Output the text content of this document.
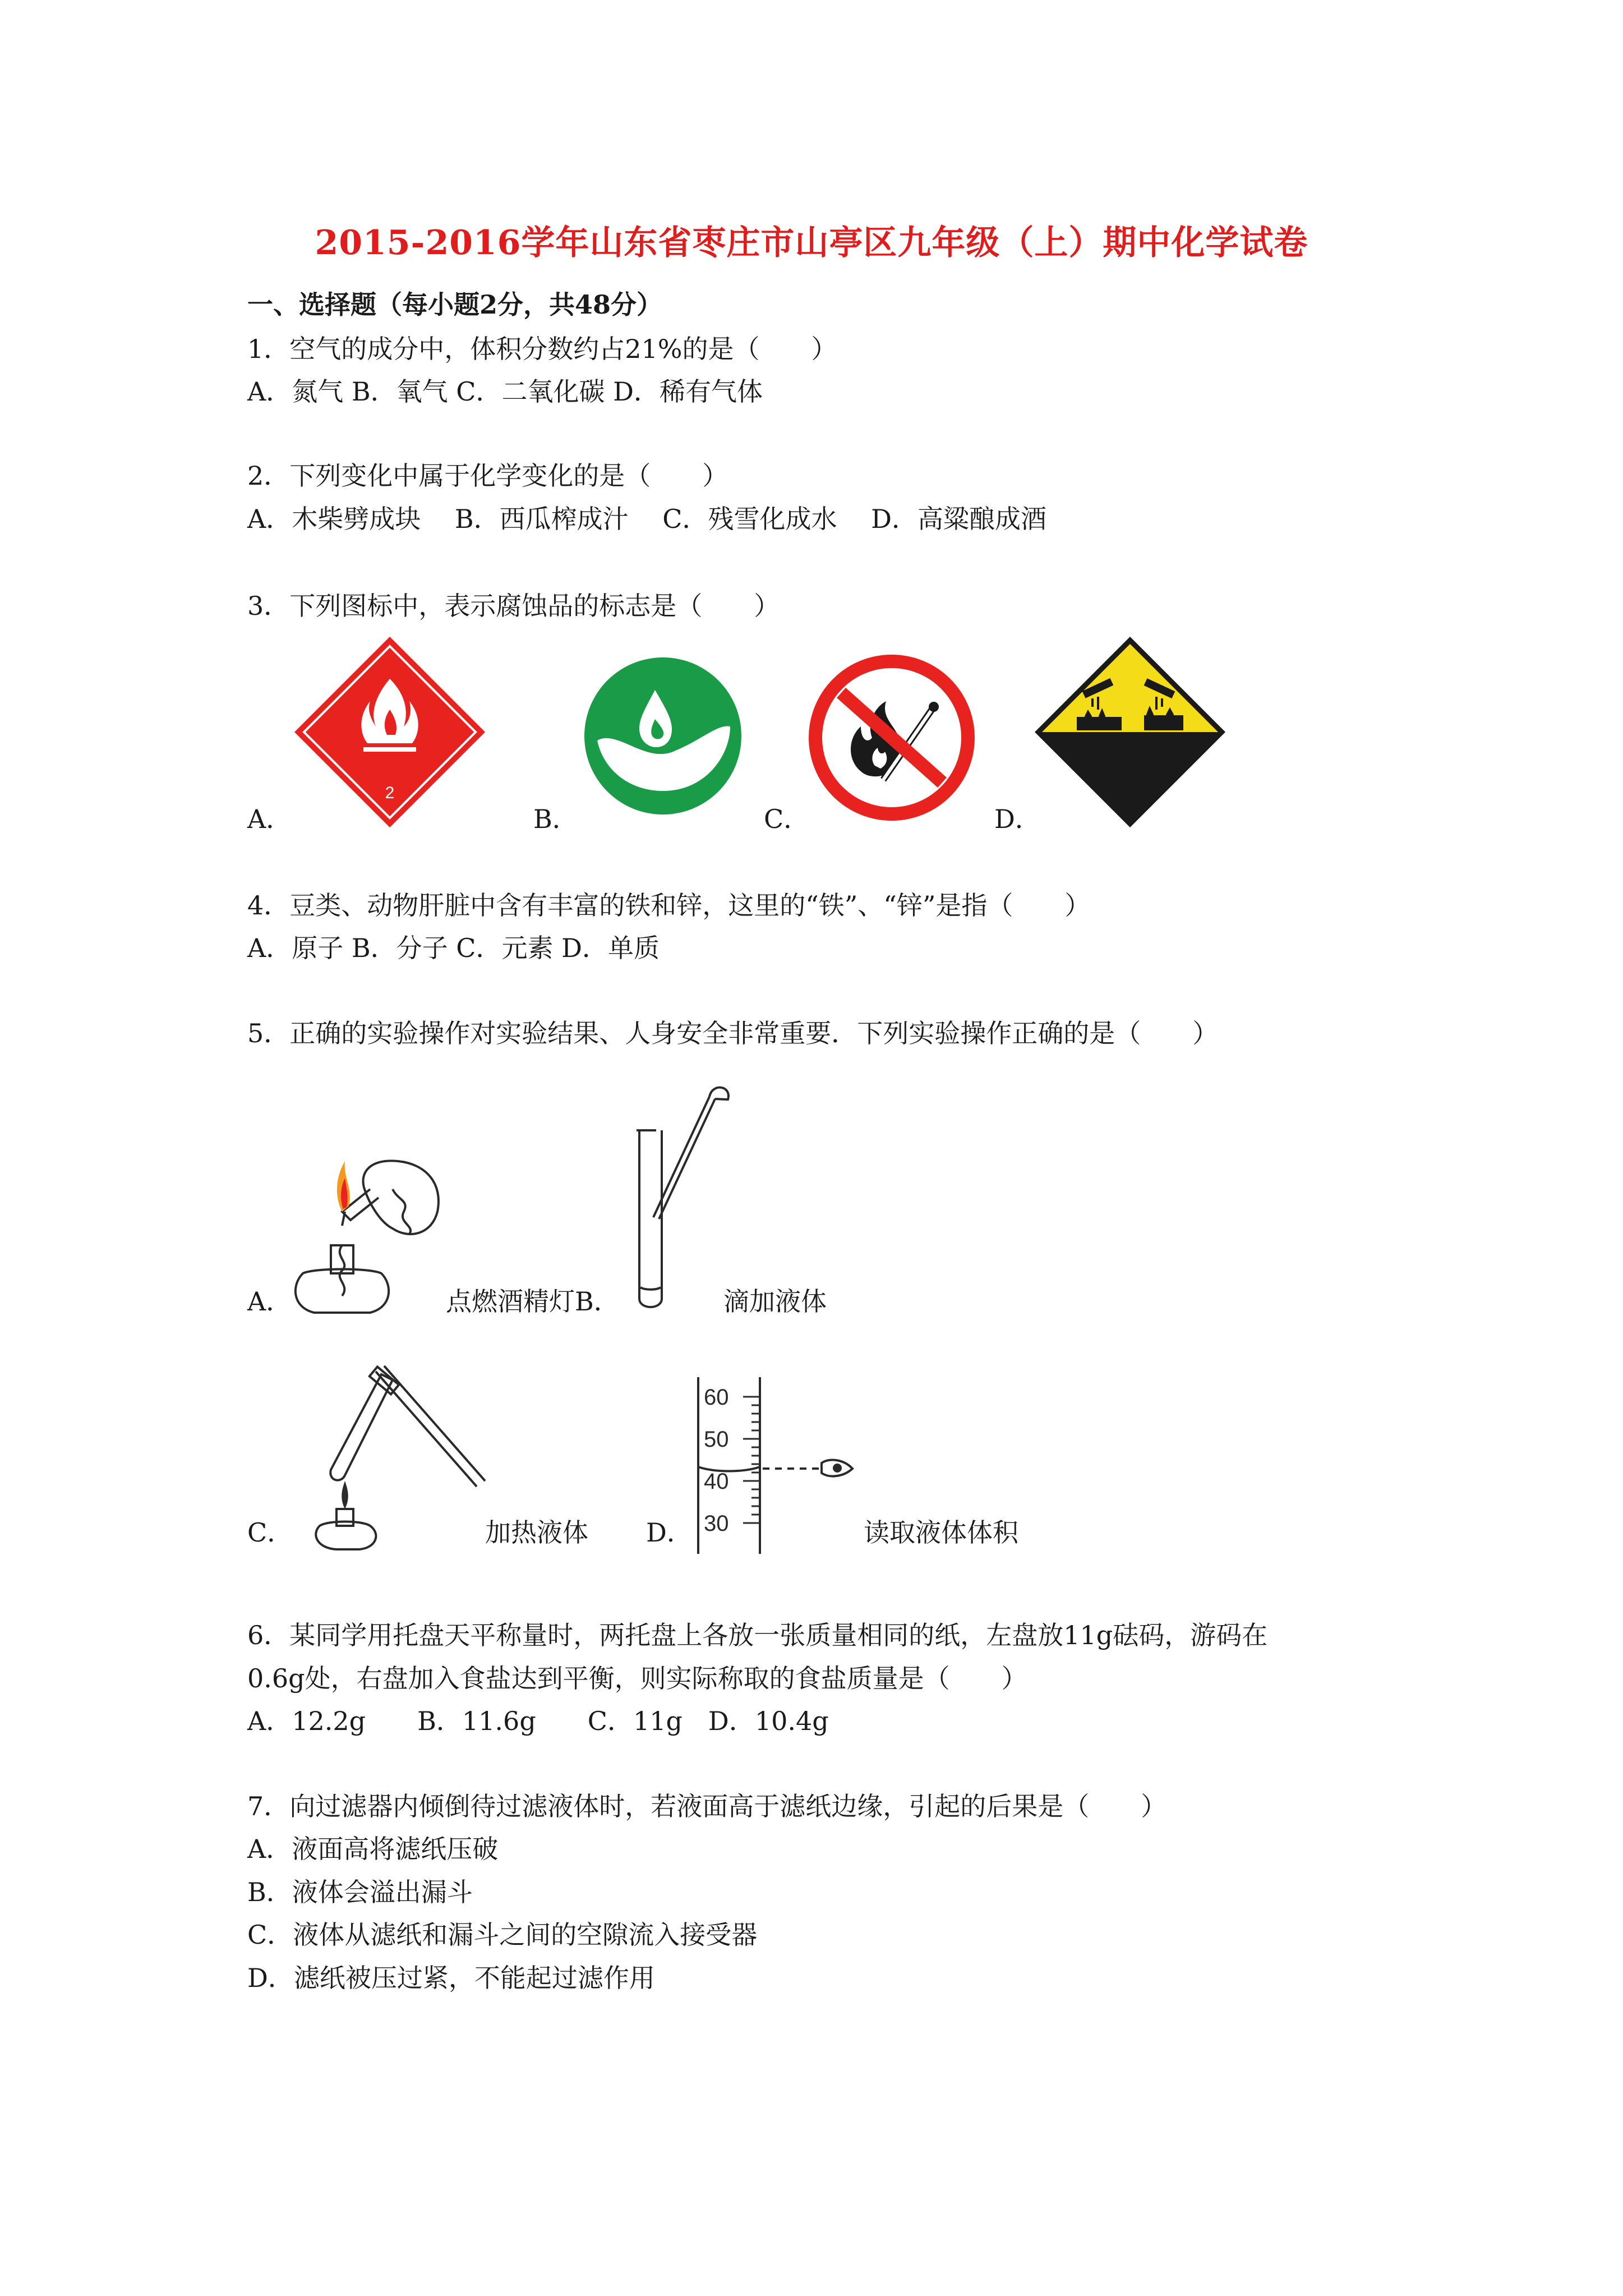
2015-2016学年山东省枣庄市山亭区九年级（上）期中化学试卷
一、选择题（每小题2分，共48分）
1．空气的成分中，体积分数约占21%的是（　　）
A．氮气 B．氧气 C．二氧化碳 D．稀有气体
2．下列变化中属于化学变化的是（　　）
A．木柴劈成块　 B．西瓜榨成汁　 C．残雪化成水　 D．高粱酿成酒
3．下列图标中，表示腐蚀品的标志是（　　）
2
A．	B．	C．	D．
4．豆类、动物肝脏中含有丰富的铁和锌，这里的“铁”、“锌”是指（　　）
A．原子 B．分子 C．元素 D．单质
5．正确的实验操作对实验结果、人身安全非常重要．下列实验操作正确的是（　　）
A．	点燃酒精灯B．	滴加液体
C．	加热液体 D．
60
50
40
30	读取液体体积
6．某同学用托盘天平称量时，两托盘上各放一张质量相同的纸，左盘放11g砝码，游码在
0.6g处，右盘加入食盐达到平衡，则实际称取的食盐质量是（　　）
A．12.2g　　B．11.6g　　C．11g　D．10.4g
7．向过滤器内倾倒待过滤液体时，若液面高于滤纸边缘，引起的后果是（　　）
A．液面高将滤纸压破
B．液体会溢出漏斗
C．液体从滤纸和漏斗之间的空隙流入接受器
D．滤纸被压过紧，不能起过滤作用
